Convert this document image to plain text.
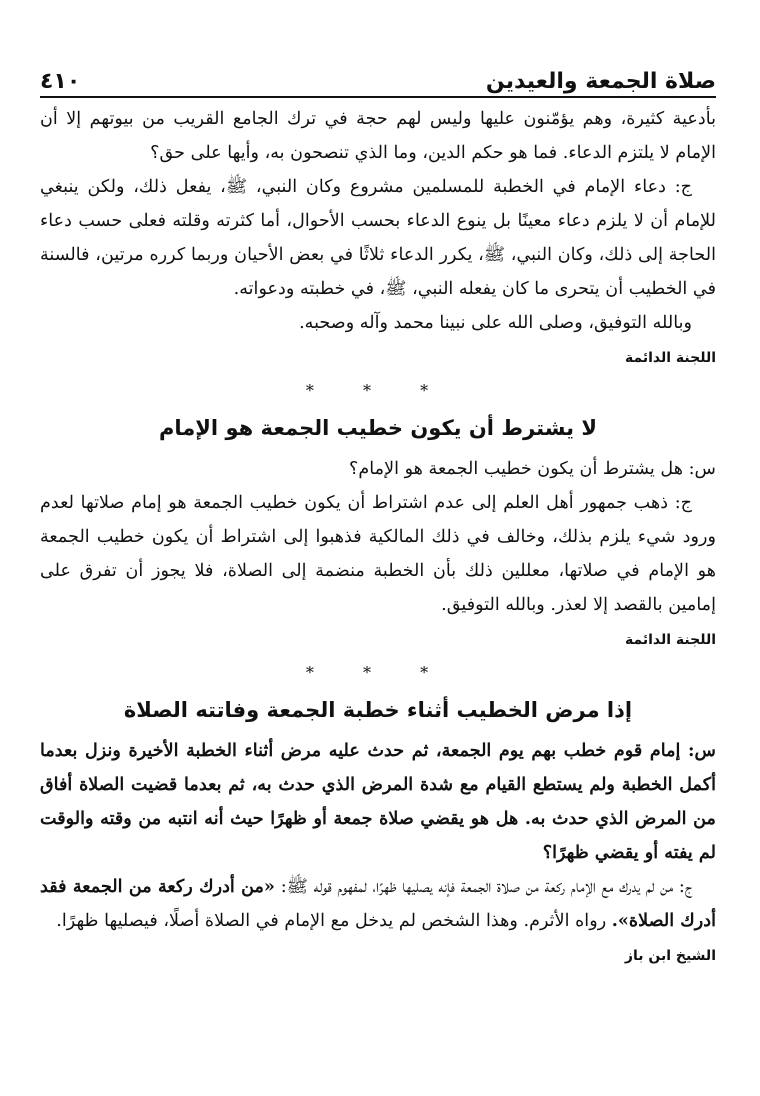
صلاة الجمعة والعيدين
٤١٠

بأدعية كثيرة، وهم يؤمّنون عليها وليس لهم حجة في ترك الجامع القريب من بيوتهم إلا أن الإمام لا يلتزم الدعاء. فما هو حكم الدين، وما الذي تنصحون به، وأيها على حق؟

ج: دعاء الإمام في الخطبة للمسلمين مشروع وكان النبي، ﷺ، يفعل ذلك، ولكن ينبغي للإمام أن لا يلزم دعاء معينًا بل ينوع الدعاء بحسب الأحوال، أما كثرته وقلته فعلى حسب دعاء الحاجة إلى ذلك، وكان النبي، ﷺ، يكرر الدعاء ثلاثًا في بعض الأحيان وربما كرره مرتين، فالسنة في الخطيب أن يتحرى ما كان يفعله النبي، ﷺ، في خطبته ودعواته.

وبالله التوفيق، وصلى الله على نبينا محمد وآله وصحبه.

اللجنة الدائمة
* * *
لا يشترط أن يكون خطيب الجمعة هو الإمام

س: هل يشترط أن يكون خطيب الجمعة هو الإمام؟

ج: ذهب جمهور أهل العلم إلى عدم اشتراط أن يكون خطيب الجمعة هو إمام صلاتها لعدم ورود شيء يلزم بذلك، وخالف في ذلك المالكية فذهبوا إلى اشتراط أن يكون خطيب الجمعة هو الإمام في صلاتها، معللين ذلك بأن الخطبة منضمة إلى الصلاة، فلا يجوز أن تفرق على إمامين بالقصد إلا لعذر. وبالله التوفيق.

اللجنة الدائمة
* * *
إذا مرض الخطيب أثناء خطبة الجمعة وفاتته الصلاة

س: إمام قوم خطب بهم يوم الجمعة، ثم حدث عليه مرض أثناء الخطبة الأخيرة ونزل بعدما أكمل الخطبة ولم يستطع القيام مع شدة المرض الذي حدث به، ثم بعدما قضيت الصلاة أفاق من المرض الذي حدث به. هل هو يقضي صلاة جمعة أو ظهرًا حيث أنه انتبه من وقته والوقت لم يفته أو يقضي ظهرًا؟

ج: من لم يدرك مع الإمام ركعة من صلاة الجمعة فإنه يصليها ظهرًا، لمفهوم قوله ﷺ: «من أدرك ركعة من الجمعة فقد أدرك الصلاة». رواه الأثرم. وهذا الشخص لم يدخل مع الإمام في الصلاة أصلًا، فيصليها ظهرًا.

الشيخ ابن باز
